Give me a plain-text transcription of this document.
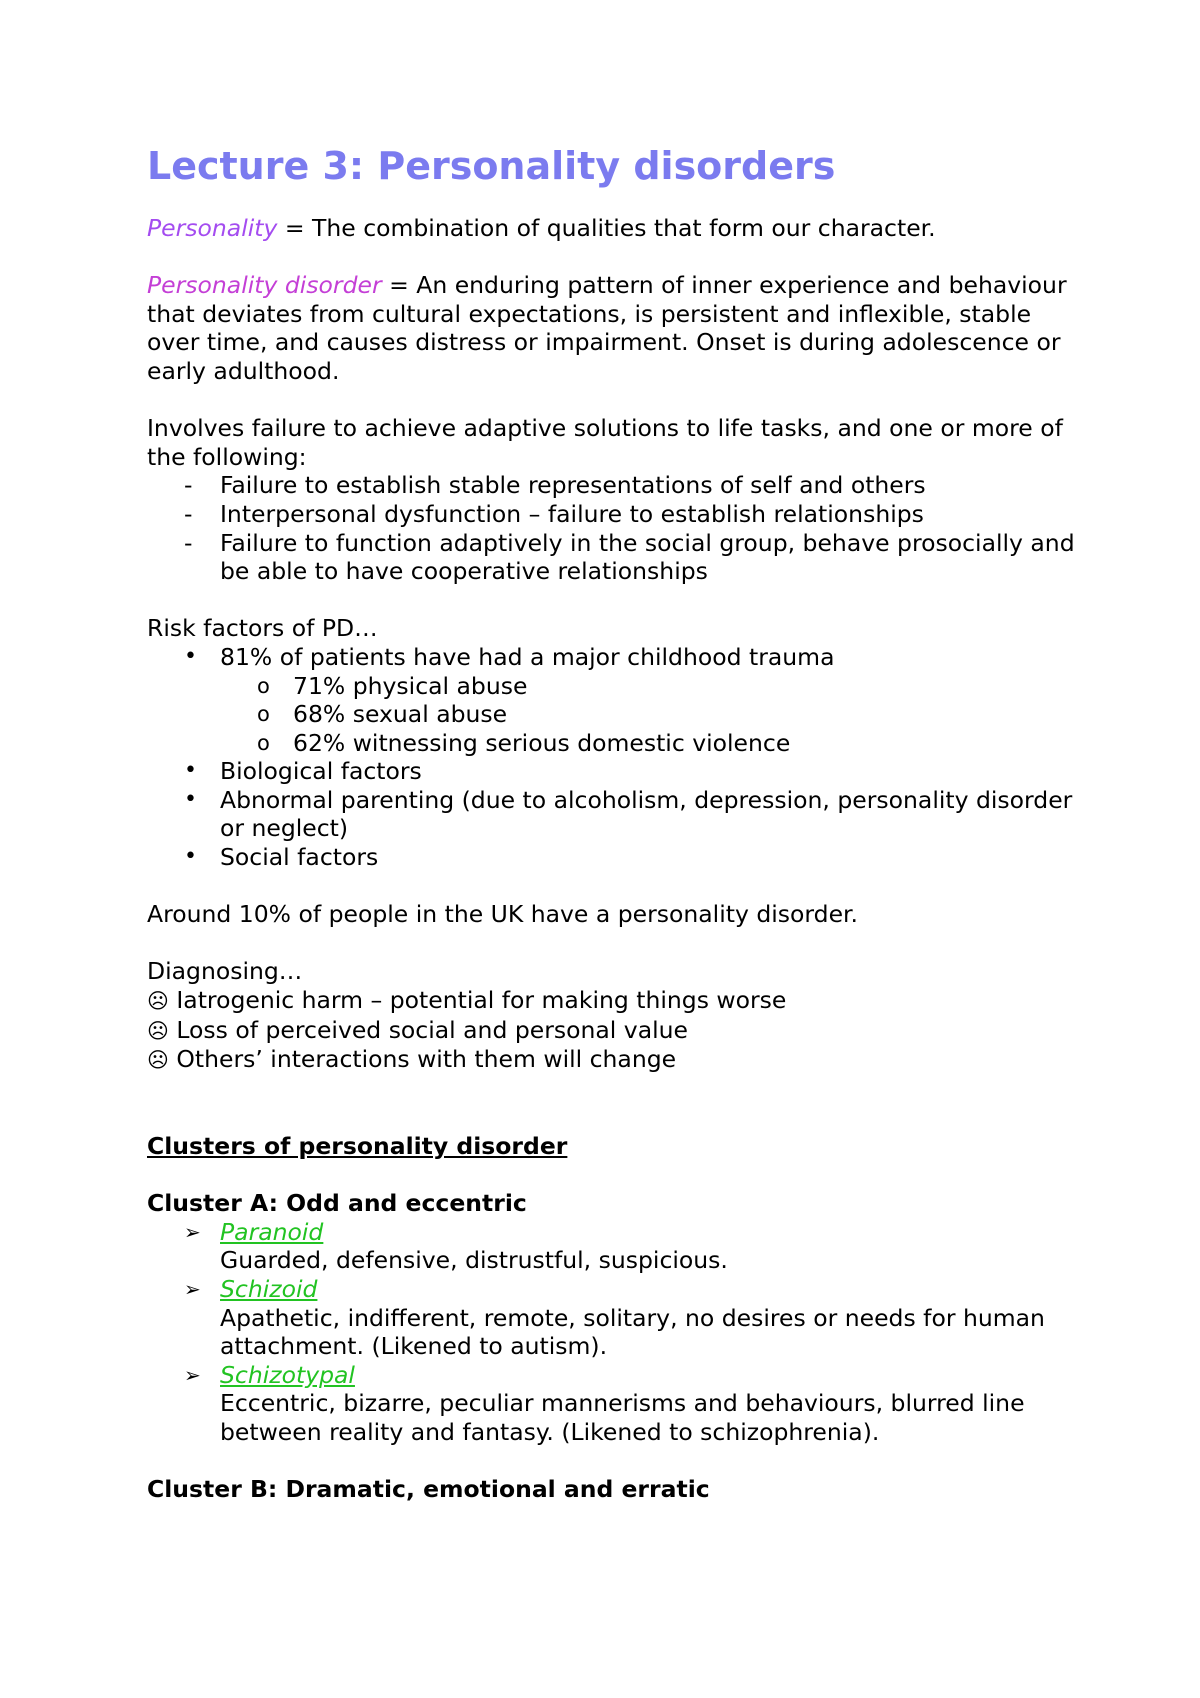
Lecture 3: Personality disorders

Personality = The combination of qualities that form our character.

Personality disorder = An enduring pattern of inner experience and behaviour that deviates from cultural expectations, is persistent and inflexible, stable over time, and causes distress or impairment. Onset is during adolescence or early adulthood.

Involves failure to achieve adaptive solutions to life tasks, and one or more of the following:

- Failure to establish stable representations of self and others
- Interpersonal dysfunction – failure to establish relationships
- Failure to function adaptively in the social group, behave prosocially and be able to have cooperative relationships

Risk factors of PD…

• 81% of patients have had a major childhood trauma
o 71% physical abuse
o 68% sexual abuse
o 62% witnessing serious domestic violence
• Biological factors
• Abnormal parenting (due to alcoholism, depression, personality disorder or neglect)
• Social factors

Around 10% of people in the UK have a personality disorder.

Diagnosing…

☹ Iatrogenic harm – potential for making things worse

☹ Loss of perceived social and personal value

☹ Others’ interactions with them will change

Clusters of personality disorder

Cluster A: Odd and eccentric

➢ Paranoid
Guarded, defensive, distrustful, suspicious.
➢ Schizoid
Apathetic, indifferent, remote, solitary, no desires or needs for human attachment. (Likened to autism).
➢ Schizotypal
Eccentric, bizarre, peculiar mannerisms and behaviours, blurred line between reality and fantasy. (Likened to schizophrenia).

Cluster B: Dramatic, emotional and erratic
